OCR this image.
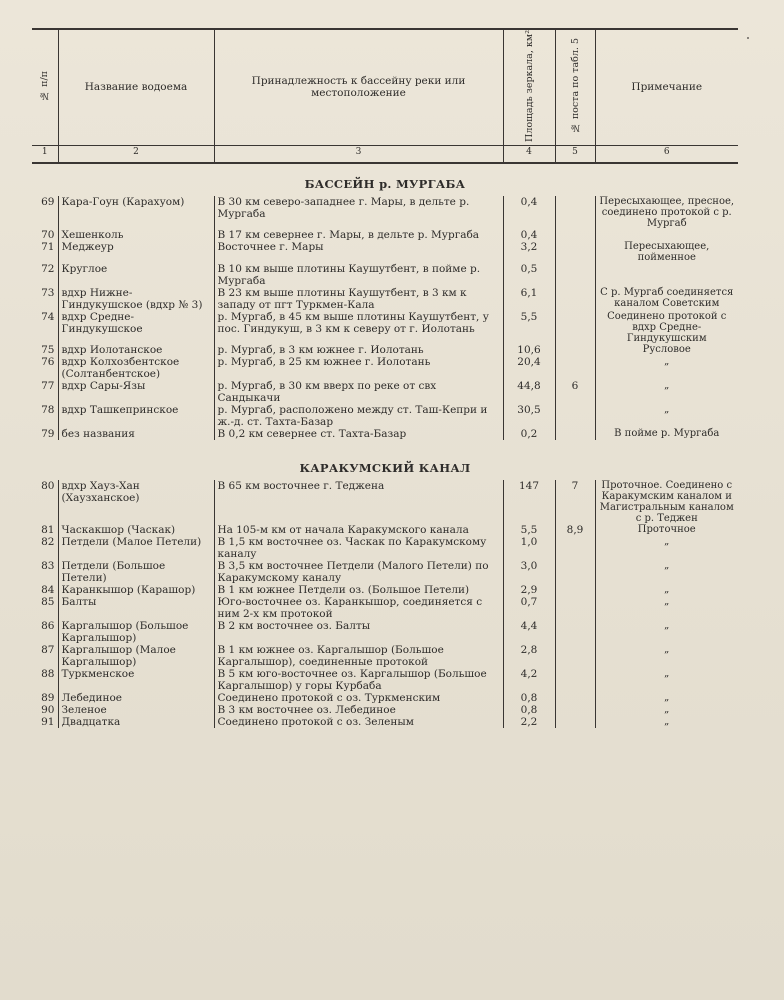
№ п/п	Название водоема	Принадлежность к бассейну реки или местоположение	Площадь зеркала, км²	№ поста по табл. 5	Примечание
1	2	3	4	5	6
БАССЕЙН р. МУРГАБА					
69	Кара-Гоун (Карахуом)	В 30 км северо-западнее г. Мары, в дельте р. Мургаба	0,4		Пересыхающее, пресное, соединено протокой с р. Мургаб
70	Хешенколь	В 17 км севернее г. Мары, в дельте р. Мургаба	0,4		
71	Меджеур	Восточнее г. Мары	3,2		Пересыхающее, пойменное
72	Круглое	В 10 км выше плотины Каушутбент, в пойме р. Мургаба	0,5		
73	вдхр Нижне-Гиндукушское (вдхр № 3)	В 23 км выше плотины Каушутбент, в 3 км к западу от пгт Туркмен-Кала	6,1		С р. Мургаб соединяется каналом Советским
74	вдхр Средне-Гиндукушское	р. Мургаб, в 45 км выше плотины Каушутбент, у пос. Гиндукуш, в 3 км к северу от г. Иолотань	5,5		Соединено протокой с вдхр Средне-Гиндукушским
75	вдхр Иолотанское	р. Мургаб, в 3 км южнее г. Иолотань	10,6		Русловое
76	вдхр Колхозбентское (Солтанбентское)	р. Мургаб, в 25 км южнее г. Иолотань	20,4		„
77	вдхр Сары-Язы	р. Мургаб, в 30 км вверх по реке от свх Сандыкачи	44,8	6	„
78	вдхр Ташкепринское	р. Мургаб, расположено между ст. Таш-Кепри и ж.-д. ст. Тахта-Базар	30,5		„
79	без названия	В 0,2 км севернее ст. Тахта-Базар	0,2		В пойме р. Мургаба

КАРАКУМСКИЙ КАНАЛ					
80	вдхр Хауз-Хан (Хаузханское)	В 65 км восточнее г. Теджена	147	7	Проточное. Соединено с Каракумским каналом и Магистральным каналом с р. Теджен
81	Часкакшор (Часкак)	На 105-м км от начала Каракумского канала	5,5	8,9	Проточное
82	Петдели (Малое Петели)	В 1,5 км восточнее оз. Часкак по Каракумскому каналу	1,0		„
83	Петдели (Большое Петели)	В 3,5 км восточнее Петдели (Малого Петели) по Каракумскому каналу	3,0		„
84	Каранкышор (Карашор)	В 1 км южнее Петдели оз. (Большое Петели)	2,9		„
85	Балты	Юго-восточнее оз. Каранкышор, соединяется с ним 2-х км протокой	0,7		„
86	Каргалышор (Большое Каргалышор)	В 2 км восточнее оз. Балты	4,4		„
87	Каргалышор (Малое Каргалышор)	В 1 км южнее оз. Каргалышор (Большое Каргалышор), соединенные протокой	2,8		„
88	Туркменское	В 5 км юго-восточнее оз. Каргалышор (Большое Каргалышор) у горы Курбаба	4,2		„
89	Лебединое	Соединено протокой с оз. Туркменским	0,8		„
90	Зеленое	В 3 км восточнее оз. Лебединое	0,8		„
91	Двадцатка	Соединено протокой с оз. Зеленым	2,2		„
